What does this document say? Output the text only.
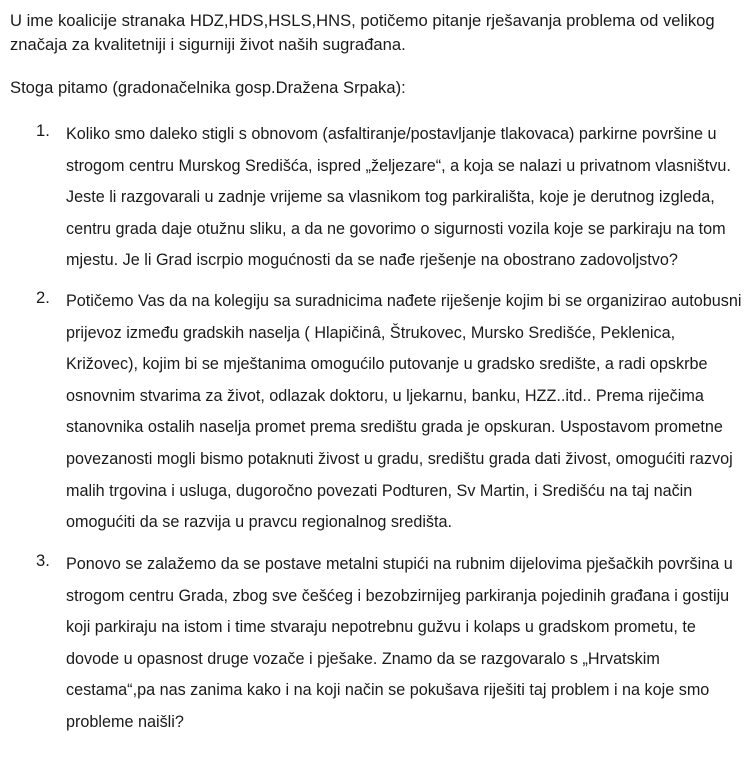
U ime koalicije stranaka HDZ,HDS,HSLS,HNS, potičemo pitanje rješavanja problema od velikog značaja za kvalitetniji i sigurniji život naših sugrađana.

Stoga pitamo (gradonačelnika gosp.Dražena Srpaka):

1. Koliko smo daleko stigli s obnovom (asfaltiranje/postavljanje tlakovaca) parkirne površine u strogom centru Murskog Središća, ispred „željezare“, a koja se nalazi u privatnom vlasništvu. Jeste li razgovarali u zadnje vrijeme sa vlasnikom tog parkirališta, koje je derutnog izgleda, centru grada daje otužnu sliku, a da ne govorimo o sigurnosti vozila koje se parkiraju na tom mjestu. Je li Grad iscrpio mogućnosti da se nađe rješenje na obostrano zadovoljstvo?

2. Potičemo Vas da na kolegiju sa suradnicima nađete riješenje kojim bi se organizirao autobusni prijevoz između gradskih naselja ( Hlapičinâ, Štrukovec, Mursko Središće, Peklenica, Križovec), kojim bi se mještanima omogućilo putovanje u gradsko središte, a radi opskrbe osnovnim stvarima za život, odlazak doktoru, u ljekarnu, banku, HZZ..itd.. Prema riječima stanovnika ostalih naselja promet prema središtu grada je opskuran. Uspostavom prometne povezanosti mogli bismo potaknuti živost u gradu, središtu grada dati živost, omogućiti razvoj malih trgovina i usluga, dugoročno povezati Podturen, Sv Martin, i Središću na taj način omogućiti da se razvija u pravcu regionalnog središta.

3. Ponovo se zalažemo da se postave metalni stupići na rubnim dijelovima pješačkih površina u strogom centru Grada, zbog sve češćeg i bezobzirnijeg parkiranja pojedinih građana i gostiju koji parkiraju na istom i time stvaraju nepotrebnu gužvu i kolaps u gradskom prometu, te dovode u opasnost druge vozače i pješake. Znamo da se razgovaralo s „Hrvatskim cestama“,pa nas zanima kako i na koji način se pokušava riješiti taj problem i na koje smo probleme naišli?
